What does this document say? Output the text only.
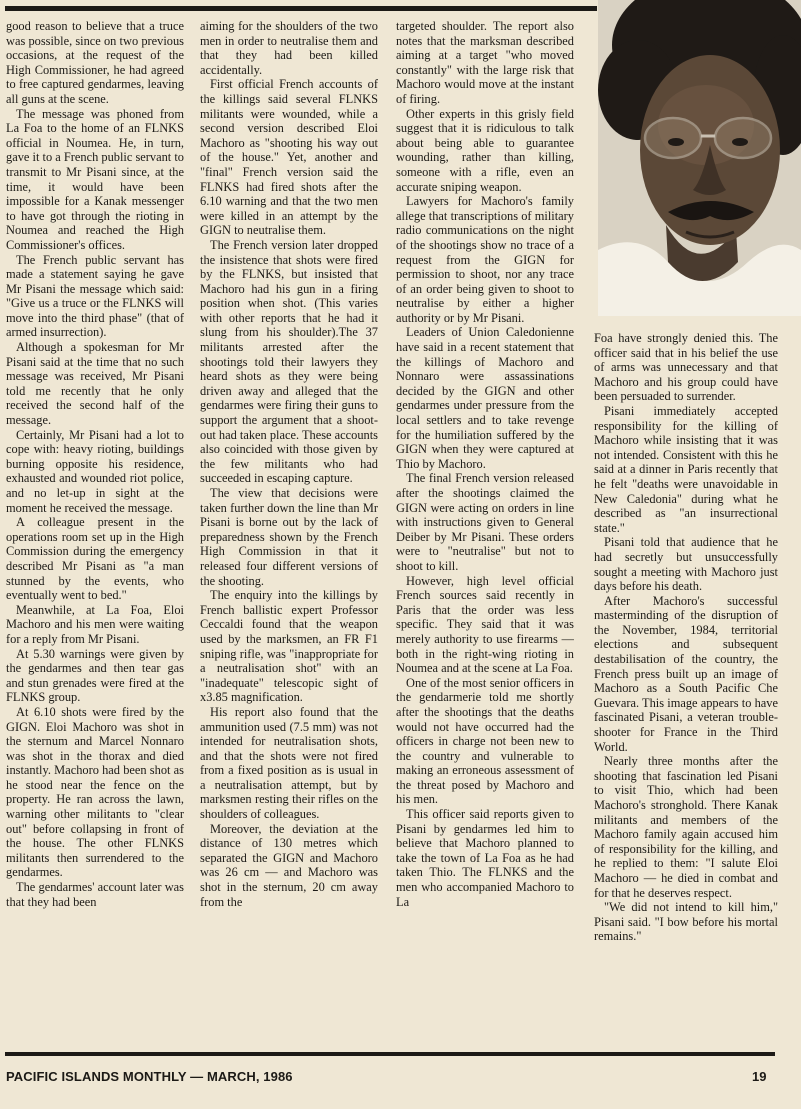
good reason to believe that a truce was possible, since on two previous occasions, at the request of the High Commissioner, he had agreed to free captured gendarmes, leaving all guns at the scene.

The message was phoned from La Foa to the home of an FLNKS official in Noumea. He, in turn, gave it to a French public servant to transmit to Mr Pisani since, at the time, it would have been impossible for a Kanak messenger to have got through the rioting in Noumea and reached the High Commissioner's offices.

The French public servant has made a statement saying he gave Mr Pisani the message which said: "Give us a truce or the FLNKS will move into the third phase" (that of armed insurrection).

Although a spokesman for Mr Pisani said at the time that no such message was received, Mr Pisani told me recently that he only received the second half of the message.

Certainly, Mr Pisani had a lot to cope with: heavy rioting, buildings burning opposite his residence, exhausted and wounded riot police, and no let-up in sight at the moment he received the message.

A colleague present in the operations room set up in the High Commission during the emergency described Mr Pisani as "a man stunned by the events, who eventually went to bed."

Meanwhile, at La Foa, Eloi Machoro and his men were waiting for a reply from Mr Pisani.

At 5.30 warnings were given by the gendarmes and then tear gas and stun grenades were fired at the FLNKS group.

At 6.10 shots were fired by the GIGN. Eloi Machoro was shot in the sternum and Marcel Nonnaro was shot in the thorax and died instantly. Machoro had been shot as he stood near the fence on the property. He ran across the lawn, warning other militants to "clear out" before collapsing in front of the house. The other FLNKS militants then surrendered to the gendarmes.

The gendarmes' account later was that they had been

aiming for the shoulders of the two men in order to neutralise them and that they had been killed accidentally.

First official French accounts of the killings said several FLNKS militants were wounded, while a second version described Eloi Machoro as "shooting his way out of the house." Yet, another and "final" French version said the FLNKS had fired shots after the 6.10 warning and that the two men were killed in an attempt by the GIGN to neutralise them.

The French version later dropped the insistence that shots were fired by the FLNKS, but insisted that Machoro had his gun in a firing position when shot. (This varies with other reports that he had it slung from his shoulder).The 37 militants arrested after the shootings told their lawyers they heard shots as they were being driven away and alleged that the gendarmes were firing their guns to support the argument that a shoot-out had taken place. These accounts also coincided with those given by the few militants who had succeeded in escaping capture.

The view that decisions were taken further down the line than Mr Pisani is borne out by the lack of preparedness shown by the French High Commission in that it released four different versions of the shooting.

The enquiry into the killings by French ballistic expert Professor Ceccaldi found that the weapon used by the marksmen, an FR F1 sniping rifle, was "inappropriate for a neutralisation shot" with an "inadequate" telescopic sight of x3.85 magnification.

His report also found that the ammunition used (7.5 mm) was not intended for neutralisation shots, and that the shots were not fired from a fixed position as is usual in a neutralisation attempt, but by marksmen resting their rifles on the shoulders of colleagues.

Moreover, the deviation at the distance of 130 metres which separated the GIGN and Machoro was 26 cm — and Machoro was shot in the sternum, 20 cm away from the

targeted shoulder. The report also notes that the marksman described aiming at a target "who moved constantly" with the large risk that Machoro would move at the instant of firing.

Other experts in this grisly field suggest that it is ridiculous to talk about being able to guarantee wounding, rather than killing, someone with a rifle, even an accurate sniping weapon.

Lawyers for Machoro's family allege that transcriptions of military radio communications on the night of the shootings show no trace of a request from the GIGN for permission to shoot, nor any trace of an order being given to shoot to neutralise by either a higher authority or by Mr Pisani.

Leaders of Union Caledonienne have said in a recent statement that the killings of Machoro and Nonnaro were assassinations decided by the GIGN and other gendarmes under pressure from the local settlers and to take revenge for the humiliation suffered by the GIGN when they were captured at Thio by Machoro.

The final French version released after the shootings claimed the GIGN were acting on orders in line with instructions given to General Deiber by Mr Pisani. These orders were to "neutralise" but not to shoot to kill.

However, high level official French sources said recently in Paris that the order was less specific. They said that it was merely authority to use firearms — both in the right-wing rioting in Noumea and at the scene at La Foa.

One of the most senior officers in the gendarmerie told me shortly after the shootings that the deaths would not have occurred had the officers in charge not been new to the country and vulnerable to making an erroneous assessment of the threat posed by Machoro and his men.

This officer said reports given to Pisani by gendarmes led him to believe that Machoro planned to take the town of La Foa as he had taken Thio. The FLNKS and the men who accompanied Machoro to La

Foa have strongly denied this. The officer said that in his belief the use of arms was unnecessary and that Machoro and his group could have been persuaded to surrender.

Pisani immediately accepted responsibility for the killing of Machoro while insisting that it was not intended. Consistent with this he said at a dinner in Paris recently that he felt "deaths were unavoidable in New Caledonia" during what he described as "an insurrectional state."

Pisani told that audience that he had secretly but unsuccessfully sought a meeting with Machoro just days before his death.

After Machoro's successful masterminding of the disruption of the November, 1984, territorial elections and subsequent destabilisation of the country, the French press built up an image of Machoro as a South Pacific Che Guevara. This image appears to have fascinated Pisani, a veteran trouble-shooter for France in the Third World.

Nearly three months after the shooting that fascination led Pisani to visit Thio, which had been Machoro's stronghold. There Kanak militants and members of the Machoro family again accused him of responsibility for the killing, and he replied to them: "I salute Eloi Machoro — he died in combat and for that he deserves respect.

"We did not intend to kill him," Pisani said. "I bow before his mortal remains."

PACIFIC ISLANDS MONTHLY — MARCH, 1986	19
